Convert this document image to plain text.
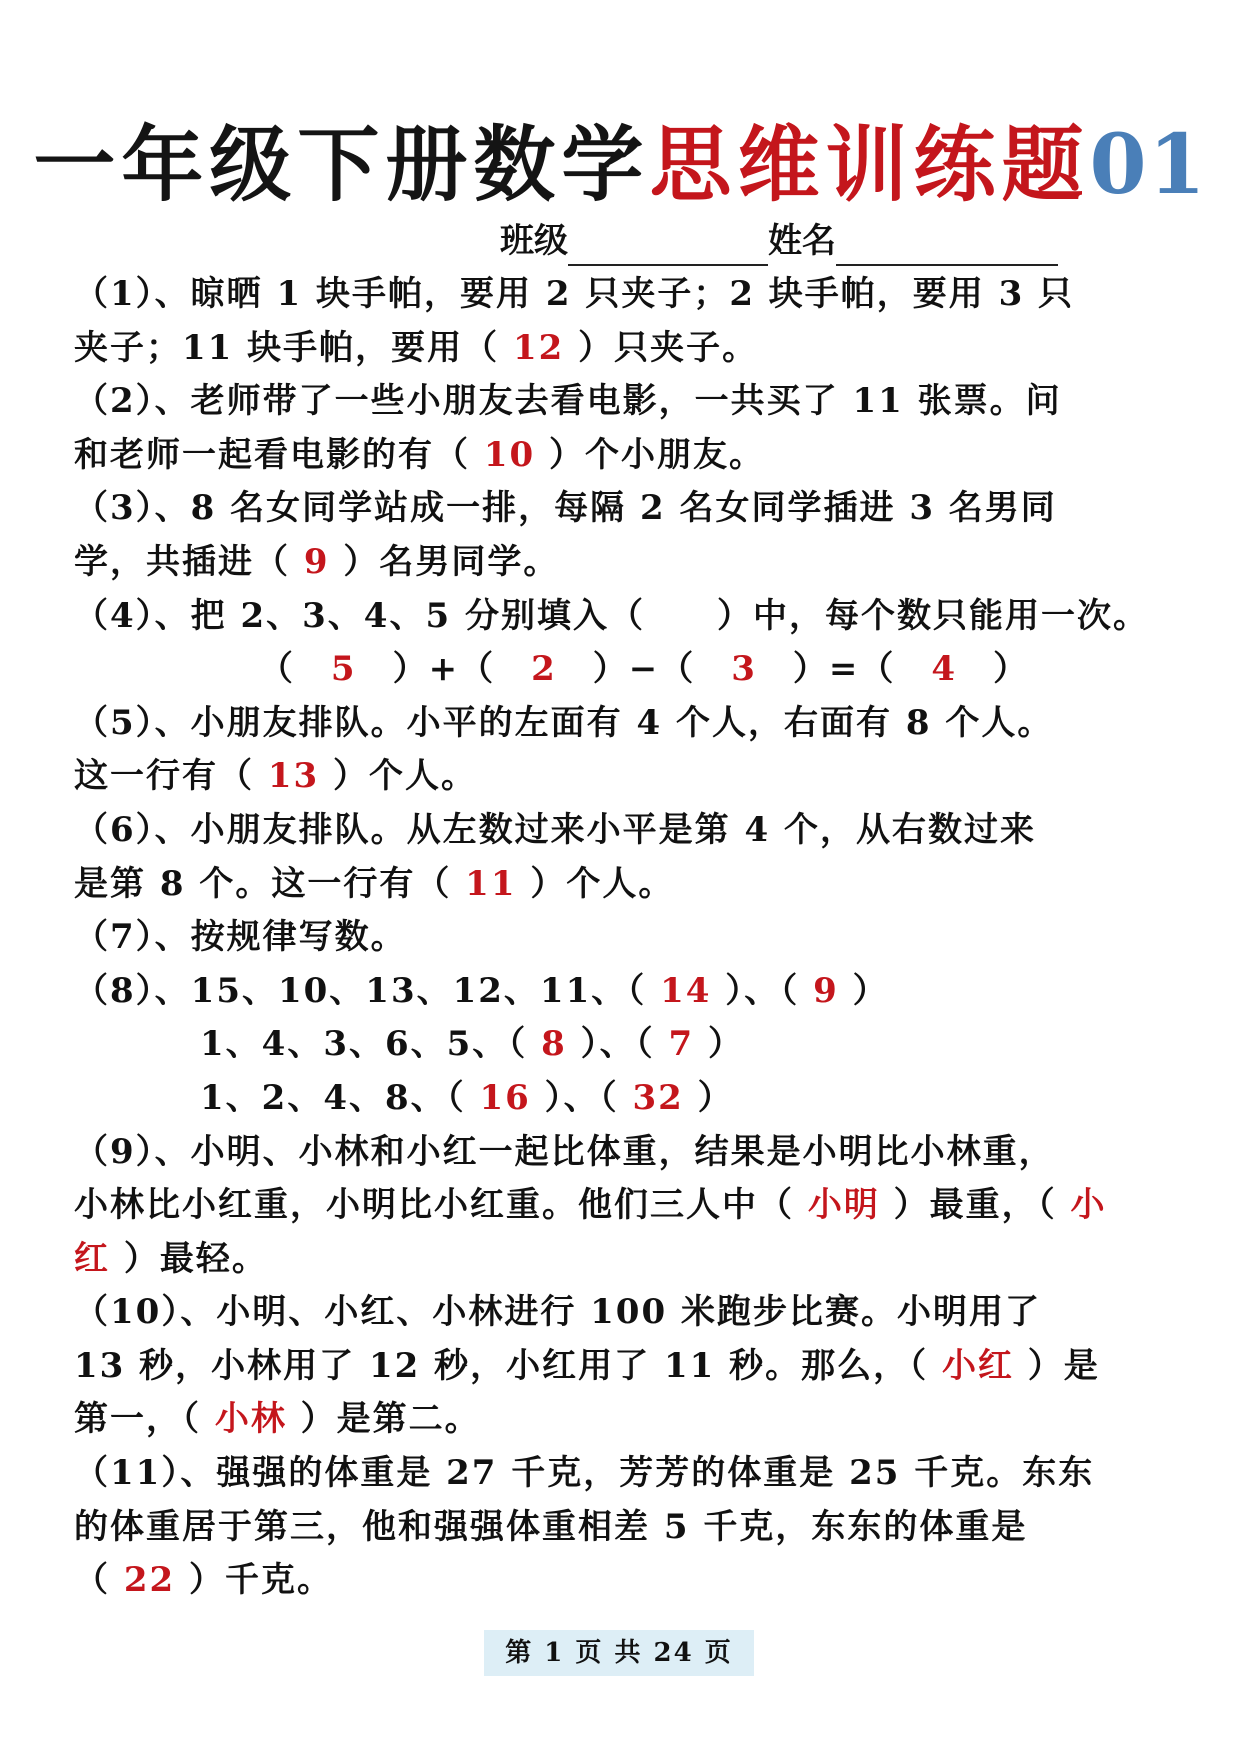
一年级下册数学思维训练题01
班级	姓名
（1）、晾晒 1 块手帕，要用 2 只夹子；2 块手帕，要用 3 只
夹子；11 块手帕，要用（ 12 ）只夹子。
（2）、老师带了一些小朋友去看电影，一共买了 11 张票。问
和老师一起看电影的有（ 10 ）个小朋友。
（3）、8 名女同学站成一排，每隔 2 名女同学插进 3 名男同
学，共插进（ 9 ）名男同学。
（4）、把 2、3、4、5 分别填入（　　）中，每个数只能用一次。
（　5　）+（　2　）−（　3　）=（　4　）
（5）、小朋友排队。小平的左面有 4 个人，右面有 8 个人。
这一行有（ 13 ）个人。
（6）、小朋友排队。从左数过来小平是第 4 个，从右数过来
是第 8 个。这一行有（ 11 ）个人。
（7）、按规律写数。
（8）、15、10、13、12、11、（ 14 ）、（ 9 ）
1、4、3、6、5、（ 8 ）、（ 7 ）
1、2、4、8、（ 16 ）、（ 32 ）
（9）、小明、小林和小红一起比体重，结果是小明比小林重，
小林比小红重，小明比小红重。他们三人中（ 小明 ）最重，（ 小
红 ）最轻。
（10）、小明、小红、小林进行 100 米跑步比赛。小明用了
13 秒，小林用了 12 秒，小红用了 11 秒。那么，（ 小红 ）是
第一，（ 小林 ）是第二。
（11）、强强的体重是 27 千克，芳芳的体重是 25 千克。东东
的体重居于第三，他和强强体重相差 5 千克，东东的体重是
（ 22 ）千克。
第 1 页 共 24 页
